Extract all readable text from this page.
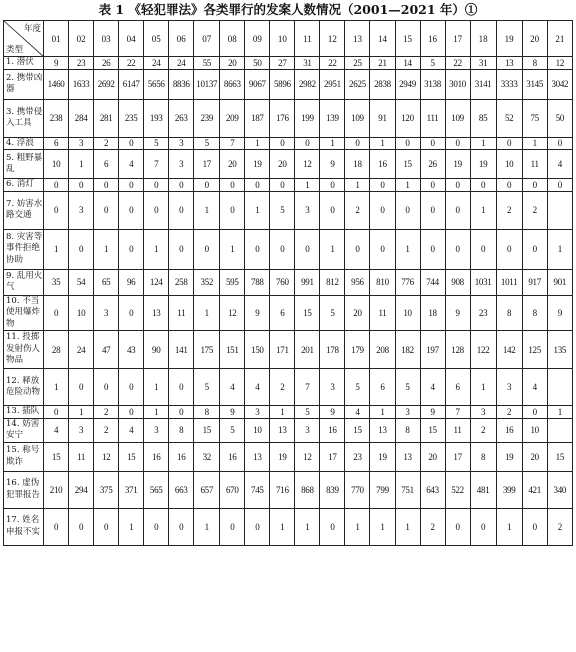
表 1 《轻犯罪法》各类罪行的发案人数情况（2001—2021 年）①
年度
类型	01	02	03	04	05	06	07	08	09	10	11	12	13	14	15	16	17	18	19	20	21
1. 潜伏	9	23	26	22	24	24	55	20	50	27	31	22	25	21	14	5	22	31	13	8	12
2. 携带凶器	1460	1633	2692	6147	5656	8836	10137	8663	9067	5896	2982	2951	2625	2838	2949	3138	3010	3141	3333	3145	3042
3. 携带侵入工具	238	284	281	235	193	263	239	209	187	176	199	139	109	91	120	111	109	85	52	75	50
4. 浮浪	6	3	2	0	5	3	5	7	1	0	0	1	0	1	0	0	0	1	0	1	0
5. 粗野暴乱	10	1	6	4	7	3	17	20	19	20	12	9	18	16	15	26	19	19	10	11	4
6. 消灯	0	0	0	0	0	0	0	0	0	0	1	0	1	0	1	0	0	0	0	0	0
7. 妨害水路交通	0	3	0	0	0	0	1	0	1	5	3	0	2	0	0	0	0	1	2	2	
8. 灾害等事件拒绝协助	1	0	1	0	1	0	0	1	0	0	0	1	0	0	1	0	0	0	0	0	1
9. 乱用火气	35	54	65	96	124	258	352	595	788	760	991	812	956	810	776	744	908	1031	1011	917	901
10. 不当使用爆炸物	0	10	3	0	13	11	1	12	9	6	15	5	20	11	10	18	9	23	8	8	9
11. 投掷发射伤人物品	28	24	47	43	90	141	175	151	150	171	201	178	179	208	182	197	128	122	142	125	135
12. 释放危险动物	1	0	0	0	1	0	5	4	4	2	7	3	5	6	5	4	6	1	3	4	
13. 插队	0	1	2	0	1	0	8	9	3	1	5	9	4	1	3	9	7	3	2	0	1
14. 妨害安宁	4	3	2	4	3	8	15	5	10	13	3	16	15	13	8	15	11	2	16	10	
15. 称号欺诈	15	11	12	15	16	16	32	16	13	19	12	17	23	19	13	20	17	8	19	20	15
16. 虚伪犯罪报告	210	294	375	371	565	663	657	670	745	716	868	839	770	799	751	643	522	481	399	421	340
17. 姓名申报不实	0	0	0	1	0	0	1	0	0	1	1	0	1	1	1	2	0	0	1	0	2
